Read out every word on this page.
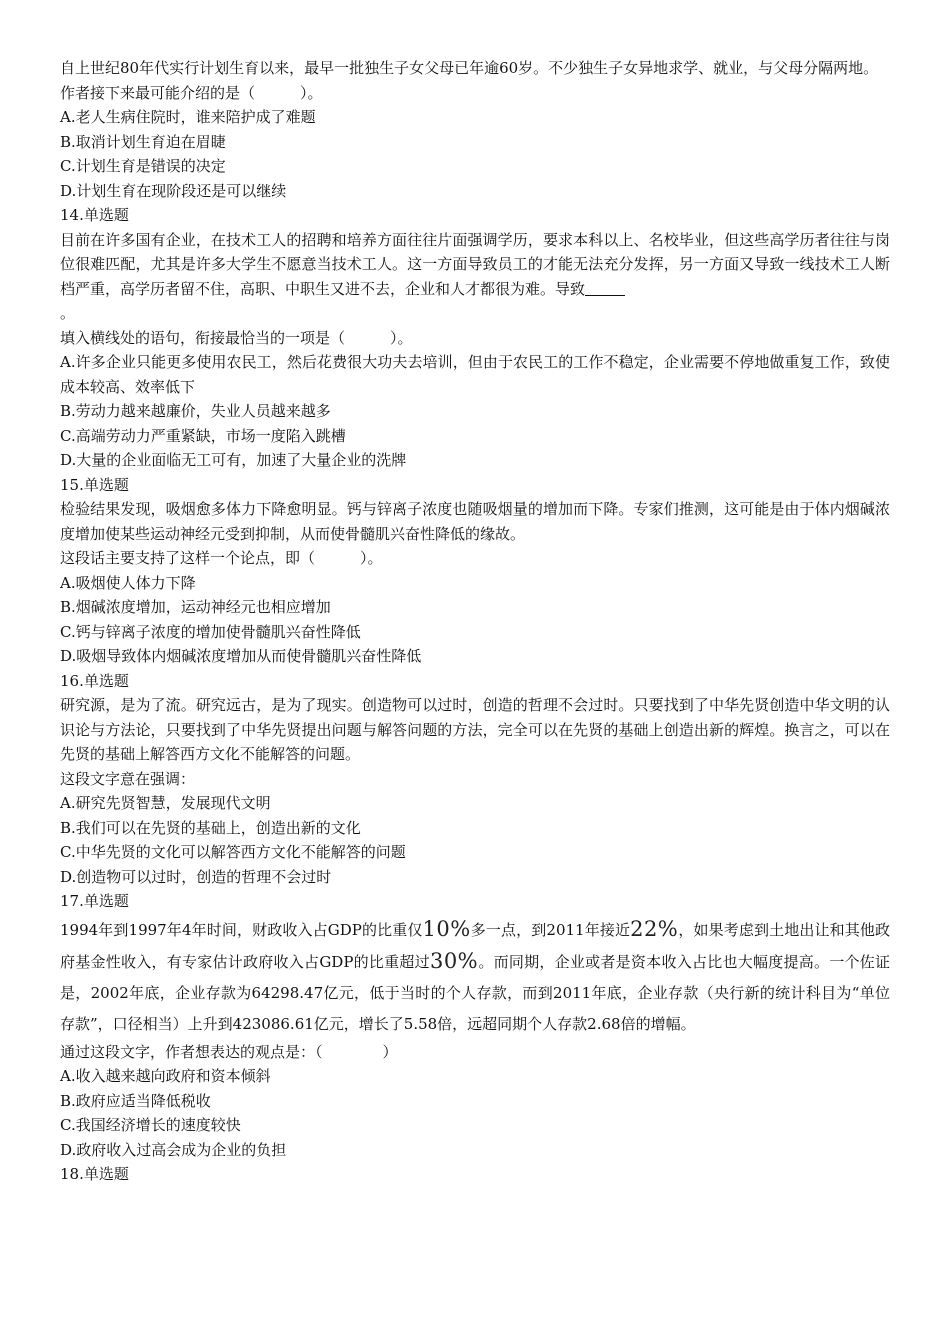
自上世纪80年代实行计划生育以来，最早一批独生子女父母已年逾60岁。不少独生子女异地求学、就业，与父母分隔两地。

作者接下来最可能介绍的是（　　　）。

A.老人生病住院时，谁来陪护成了难题

B.取消计划生育迫在眉睫

C.计划生育是错误的决定

D.计划生育在现阶段还是可以继续

14.单选题

目前在许多国有企业，在技术工人的招聘和培养方面往往片面强调学历，要求本科以上、名校毕业，但这些高学历者往往与岗位很难匹配，尤其是许多大学生不愿意当技术工人。这一方面导致员工的才能无法充分发挥，另一方面又导致一线技术工人断档严重，高学历者留不住，高职、中职生又进不去，企业和人才都很为难。导致
。

填入横线处的语句，衔接最恰当的一项是（　　　）。

A.许多企业只能更多使用农民工，然后花费很大功夫去培训，但由于农民工的工作不稳定，企业需要不停地做重复工作，致使成本较高、效率低下

B.劳动力越来越廉价，失业人员越来越多

C.高端劳动力严重紧缺，市场一度陷入跳槽

D.大量的企业面临无工可有，加速了大量企业的洗牌

15.单选题

检验结果发现，吸烟愈多体力下降愈明显。钙与锌离子浓度也随吸烟量的增加而下降。专家们推测，这可能是由于体内烟碱浓度增加使某些运动神经元受到抑制，从而使骨髓肌兴奋性降低的缘故。

这段话主要支持了这样一个论点，即（　　　）。

A.吸烟使人体力下降

B.烟碱浓度增加，运动神经元也相应增加

C.钙与锌离子浓度的增加使骨髓肌兴奋性降低

D.吸烟导致体内烟碱浓度增加从而使骨髓肌兴奋性降低

16.单选题

研究源，是为了流。研究远古，是为了现实。创造物可以过时，创造的哲理不会过时。只要找到了中华先贤创造中华文明的认识论与方法论，只要找到了中华先贤提出问题与解答问题的方法，完全可以在先贤的基础上创造出新的辉煌。换言之，可以在先贤的基础上解答西方文化不能解答的问题。

这段文字意在强调：

A.研究先贤智慧，发展现代文明

B.我们可以在先贤的基础上，创造出新的文化

C.中华先贤的文化可以解答西方文化不能解答的问题

D.创造物可以过时，创造的哲理不会过时

17.单选题

1994年到1997年4年时间，财政收入占GDP的比重仅10%多一点，到2011年接近22%，如果考虑到土地出让和其他政府基金性收入，有专家估计政府收入占GDP的比重超过30%。而同期，企业或者是资本收入占比也大幅度提高。一个佐证是，2002年底，企业存款为64298.47亿元，低于当时的个人存款，而到2011年底，企业存款（央行新的统计科目为“单位存款”，口径相当）上升到423086.61亿元，增长了5.58倍，远超同期个人存款2.68倍的增幅。

通过这段文字，作者想表达的观点是：（　　　　）

A.收入越来越向政府和资本倾斜

B.政府应适当降低税收

C.我国经济增长的速度较快

D.政府收入过高会成为企业的负担

18.单选题
